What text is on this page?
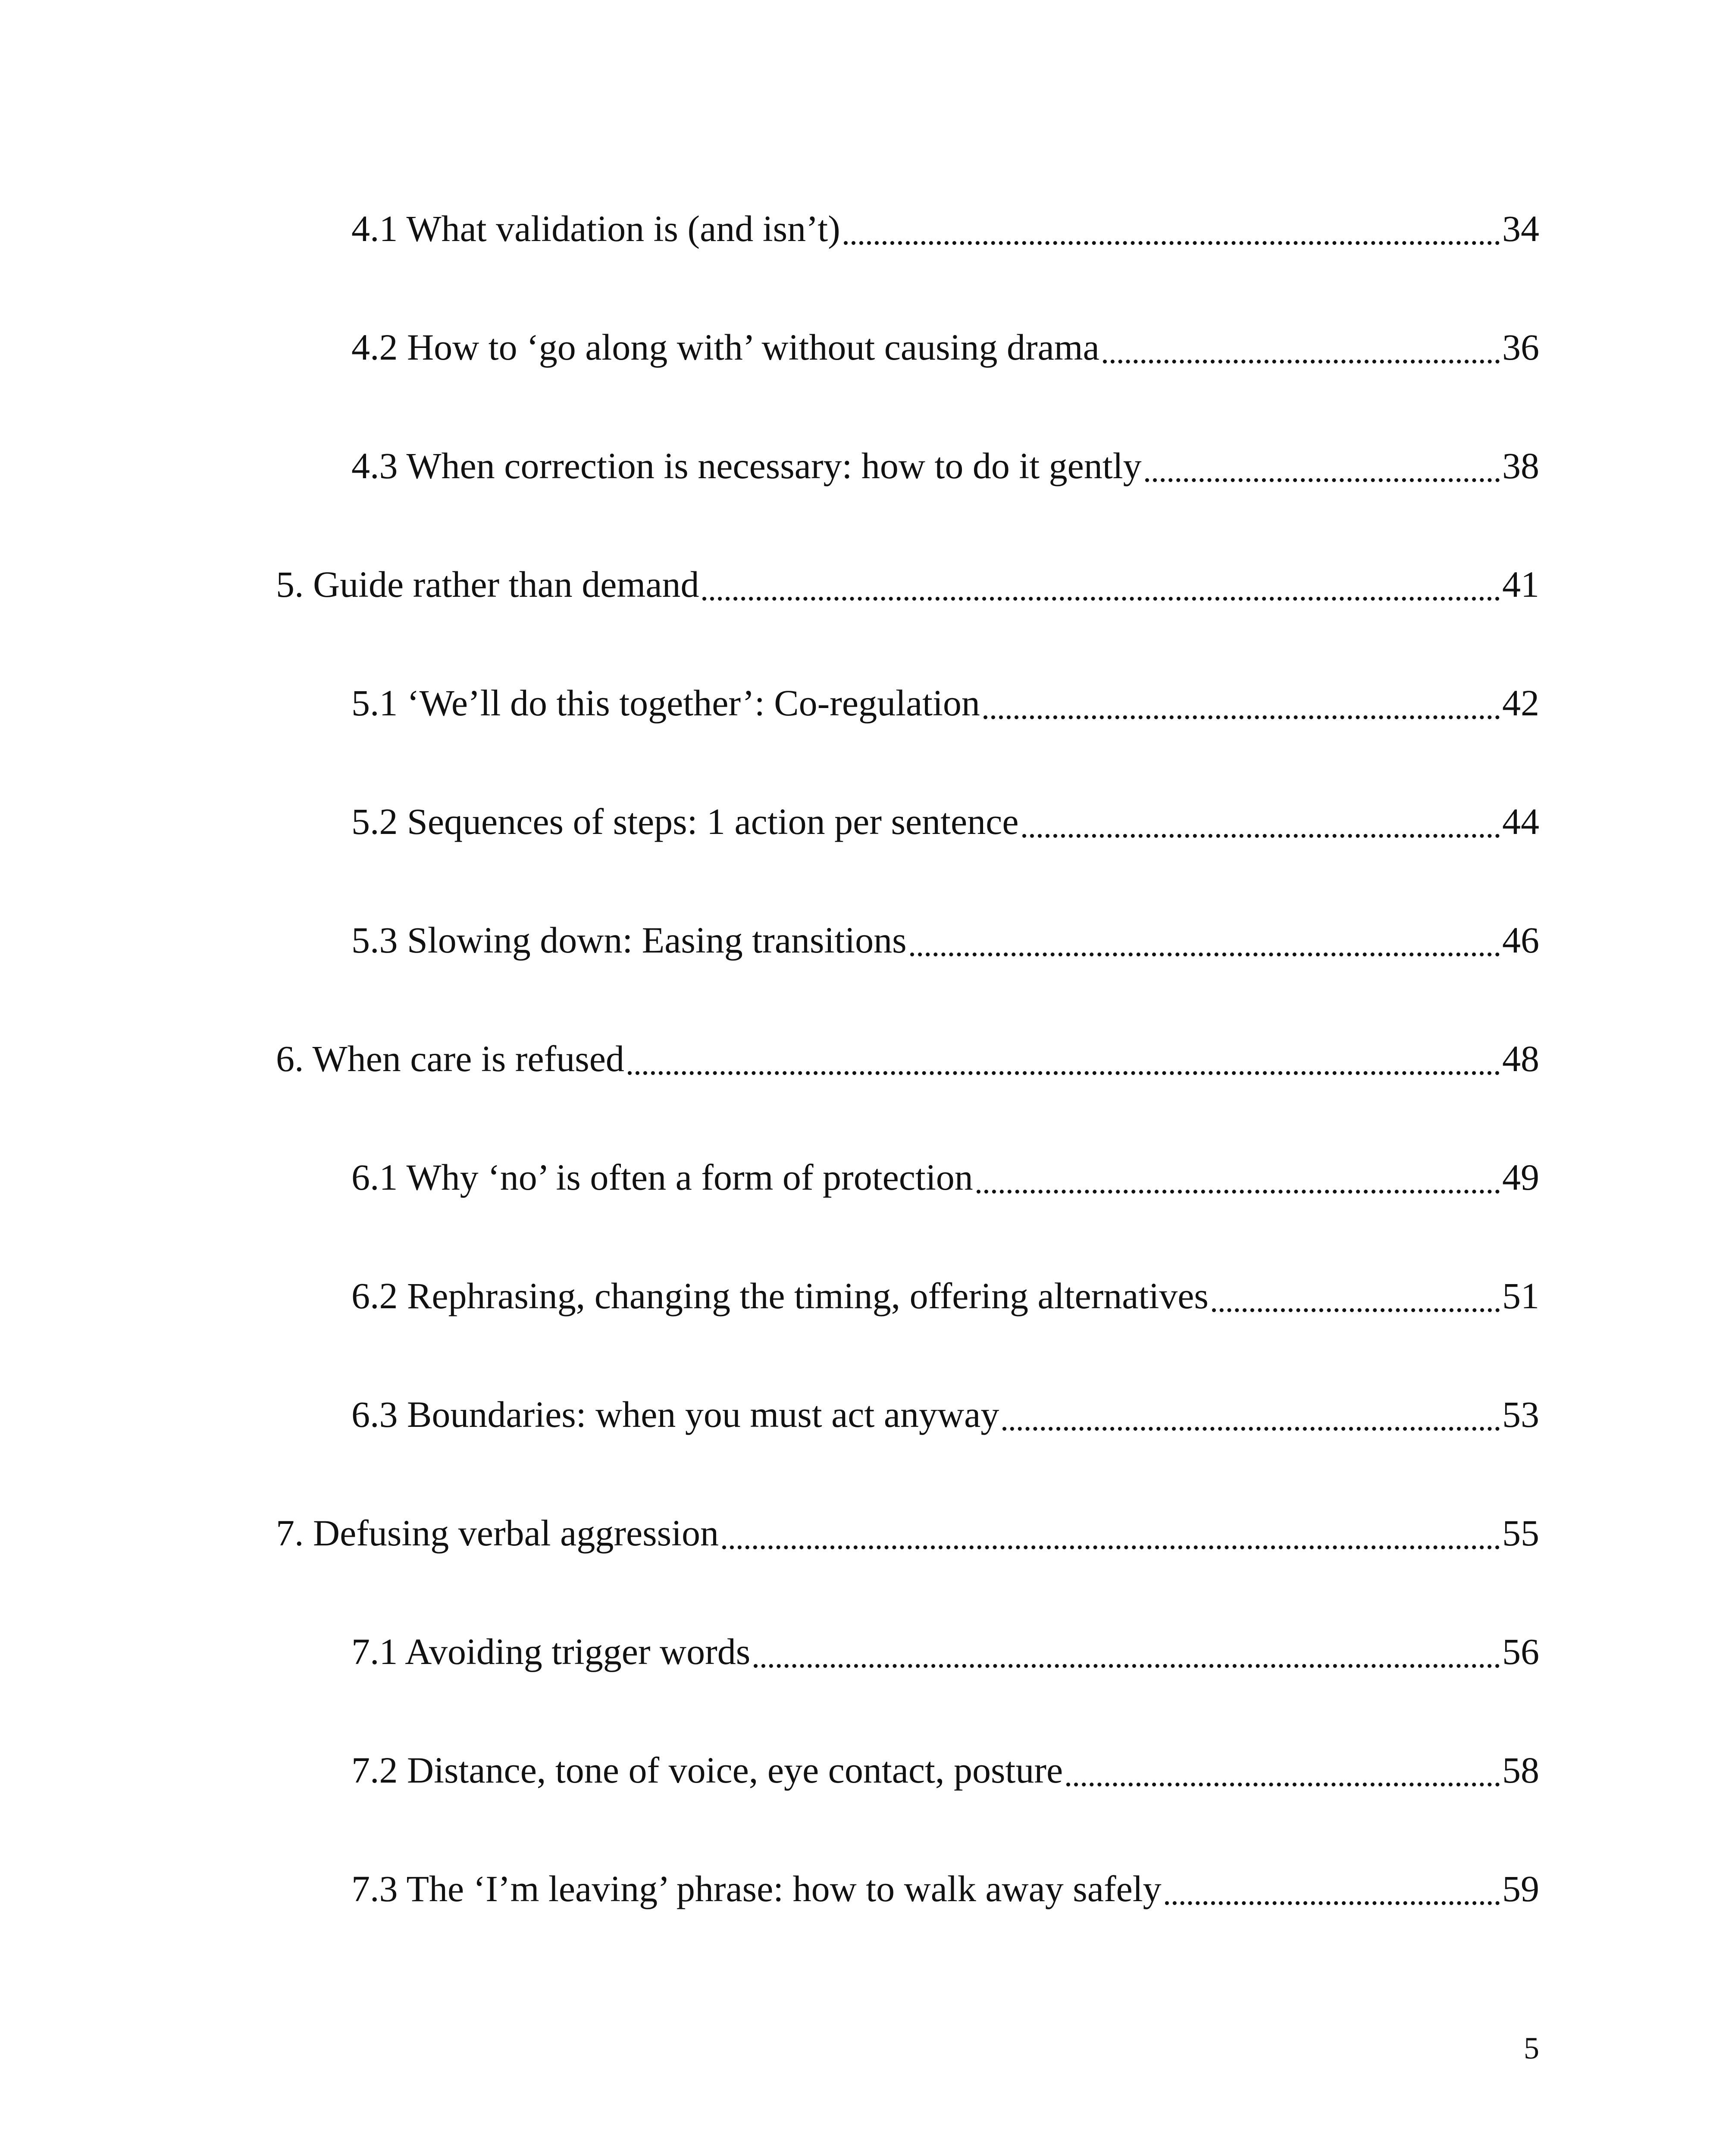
4.1 What validation is (and isn’t)	34
4.2 How to ‘go along with’ without causing drama	36
4.3 When correction is necessary: how to do it gently	38
5. Guide rather than demand	41
5.1 ‘We’ll do this together’: Co-regulation	42
5.2 Sequences of steps: 1 action per sentence	44
5.3 Slowing down: Easing transitions	46
6. When care is refused	48
6.1 Why ‘no’ is often a form of protection	49
6.2 Rephrasing, changing the timing, offering alternatives	51
6.3 Boundaries: when you must act anyway	53
7. Defusing verbal aggression	55
7.1 Avoiding trigger words	56
7.2 Distance, tone of voice, eye contact, posture	58
7.3 The ‘I’m leaving’ phrase: how to walk away safely	59
5
